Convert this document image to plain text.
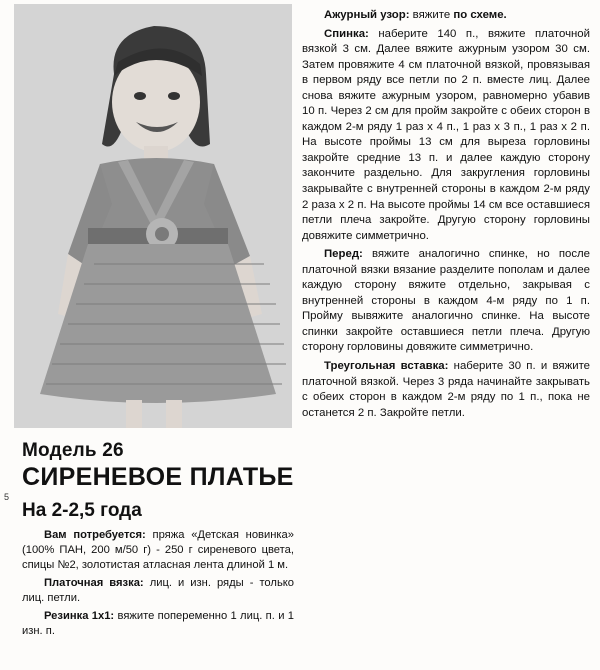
Модель 26
СИРЕНЕВОЕ ПЛАТЬЕ
5
На 2-2,5 года

Вам потребуется: пряжа «Детская новинка» (100% ПАН, 200 м/50 г) - 250 г сиреневого цвета, спицы №2, золотистая атласная лента длиной 1 м.

Платочная вязка: лиц. и изн. ряды - только лиц. петли.

Резинка 1х1: вяжите попеременно 1 лиц. п. и 1 изн. п.

Ажурный узор: вяжите по схеме.

Спинка: наберите 140 п., вяжите платочной вязкой 3 см. Далее вяжите ажурным узором 30 см. Затем провяжите 4 см платочной вязкой, провязывая в первом ряду все петли по 2 п. вместе лиц. Далее снова вяжите ажурным узором, равномерно убавив 10 п. Через 2 см для пройм закройте с обеих сторон в каждом 2-м ряду 1 раз х 4 п., 1 раз х 3 п., 1 раз х 2 п. На высоте проймы 13 см для выреза горловины закройте средние 13 п. и далее каждую сторону закончите раздельно. Для закругления горловины закрывайте с внутренней стороны в каждом 2-м ряду 2 раза х 2 п. На высоте проймы 14 см все оставшиеся петли плеча закройте. Другую сторону горловины довяжите симметрично.

Перед: вяжите аналогично спинке, но после платочной вязки вязание разделите пополам и далее каждую сторону вяжите отдельно, закрывая с внутренней стороны в каждом 4-м ряду по 1 п. Пройму вывяжите аналогично спинке. На высоте спинки закройте оставшиеся петли плеча. Другую сторону горловины довяжите симметрично.

Треугольная вставка: наберите 30 п. и вяжите платочной вязкой. Через 3 ряда начинайте закрывать с обеих сторон в каждом 2-м ряду по 1 п., пока не останется 2 п. Закройте петли.
